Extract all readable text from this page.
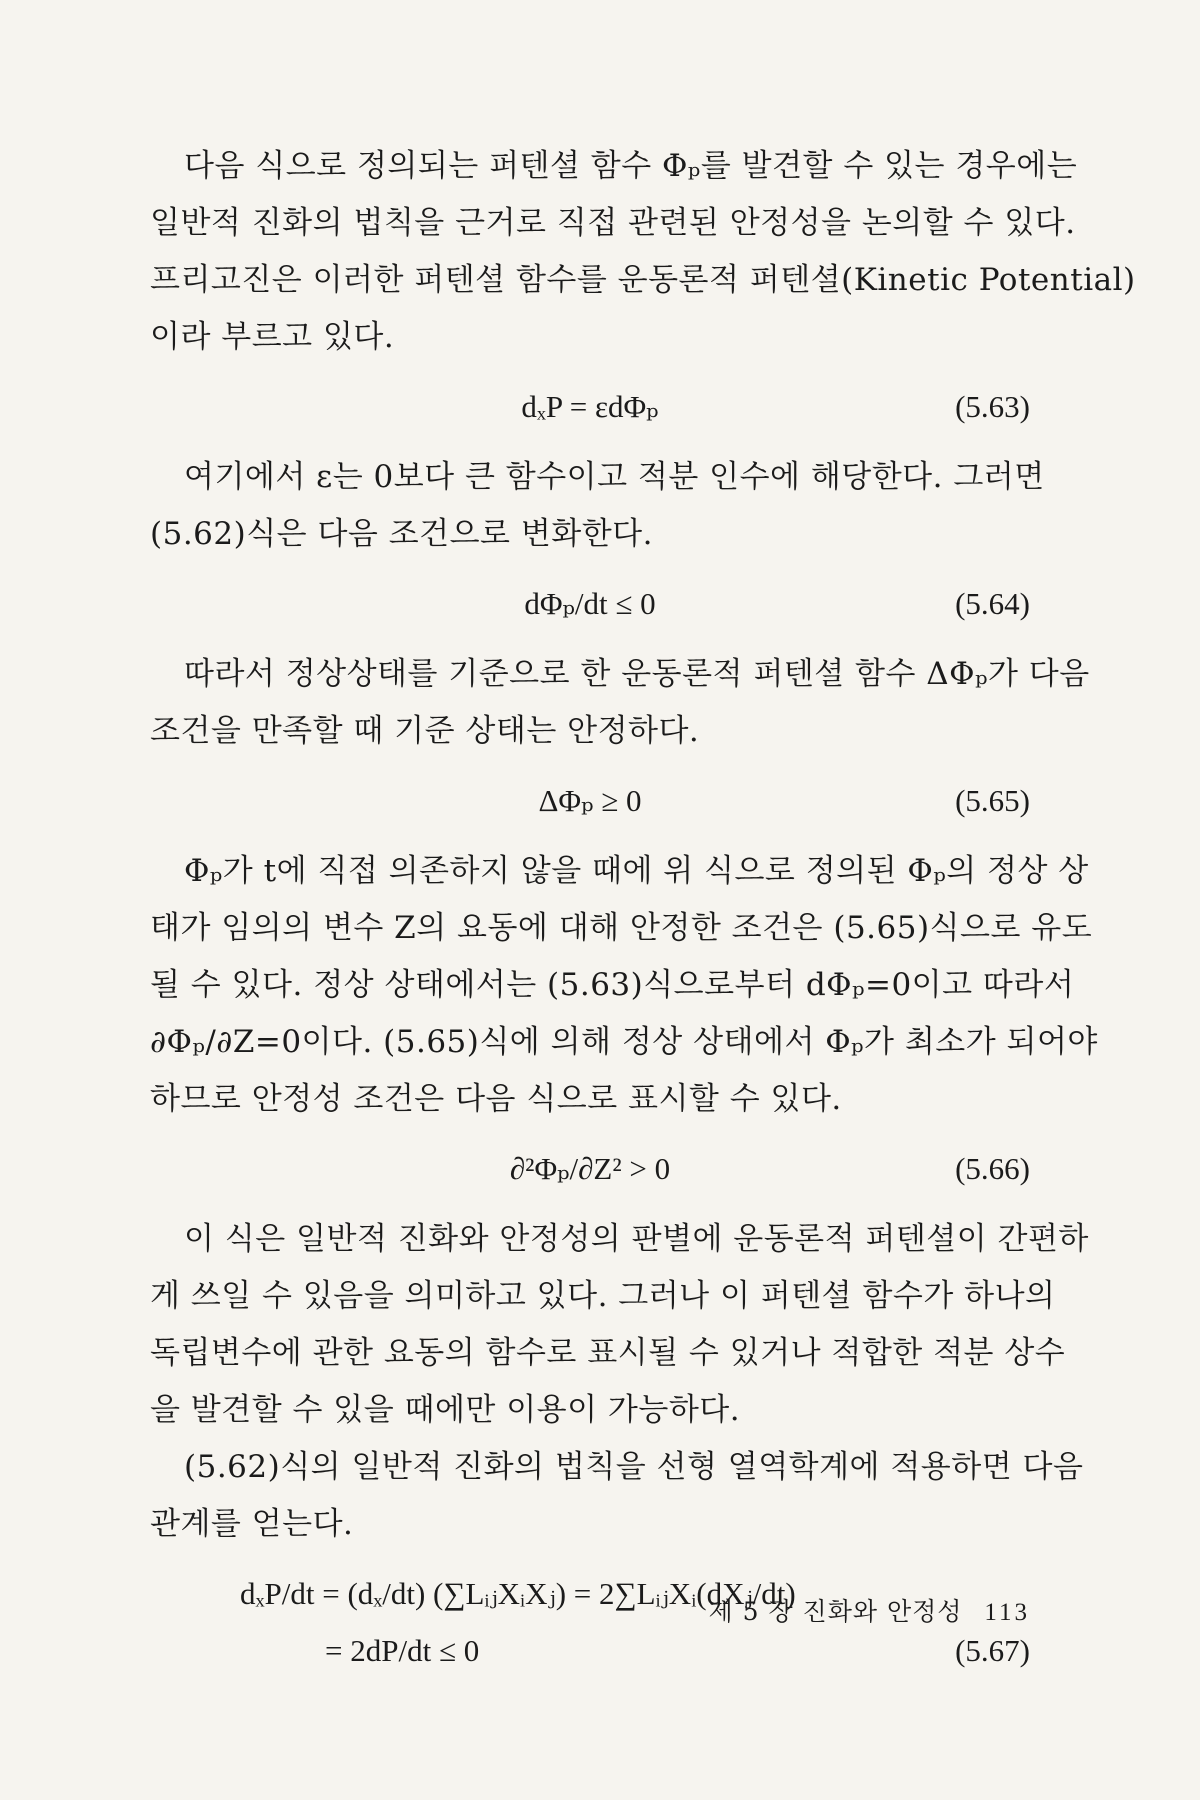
다음 식으로 정의되는 퍼텐셜 함수 Φₚ를 발견할 수 있는 경우에는
일반적 진화의 법칙을 근거로 직접 관련된 안정성을 논의할 수 있다.
프리고진은 이러한 퍼텐셜 함수를 운동론적 퍼텐셜(Kinetic Potential)
이라 부르고 있다.

dₓP = εdΦₚ	(5.63)

여기에서 ε는 0보다 큰 함수이고 적분 인수에 해당한다. 그러면
(5.62)식은 다음 조건으로 변화한다.

dΦₚ/dt ≤ 0	(5.64)

따라서 정상상태를 기준으로 한 운동론적 퍼텐셜 함수 ΔΦₚ가 다음
조건을 만족할 때 기준 상태는 안정하다.

ΔΦₚ ≥ 0	(5.65)

Φₚ가 t에 직접 의존하지 않을 때에 위 식으로 정의된 Φₚ의 정상 상
태가 임의의 변수 Z의 요동에 대해 안정한 조건은 (5.65)식으로 유도
될 수 있다. 정상 상태에서는 (5.63)식으로부터 dΦₚ=0이고 따라서
∂Φₚ/∂Z=0이다. (5.65)식에 의해 정상 상태에서 Φₚ가 최소가 되어야
하므로 안정성 조건은 다음 식으로 표시할 수 있다.

∂²Φₚ/∂Z² > 0	(5.66)

이 식은 일반적 진화와 안정성의 판별에 운동론적 퍼텐셜이 간편하
게 쓰일 수 있음을 의미하고 있다. 그러나 이 퍼텐셜 함수가 하나의
독립변수에 관한 요동의 함수로 표시될 수 있거나 적합한 적분 상수
을 발견할 수 있을 때에만 이용이 가능하다.

(5.62)식의 일반적 진화의 법칙을 선형 열역학계에 적용하면 다음
관계를 얻는다.

dₓP/dt = (dₓ/dt) (∑LᵢⱼXᵢXⱼ) = 2∑LᵢⱼXᵢ(dXⱼ/dt)
= 2dP/dt ≤ 0	(5.67)
제 5 장 진화와 안정성 113
